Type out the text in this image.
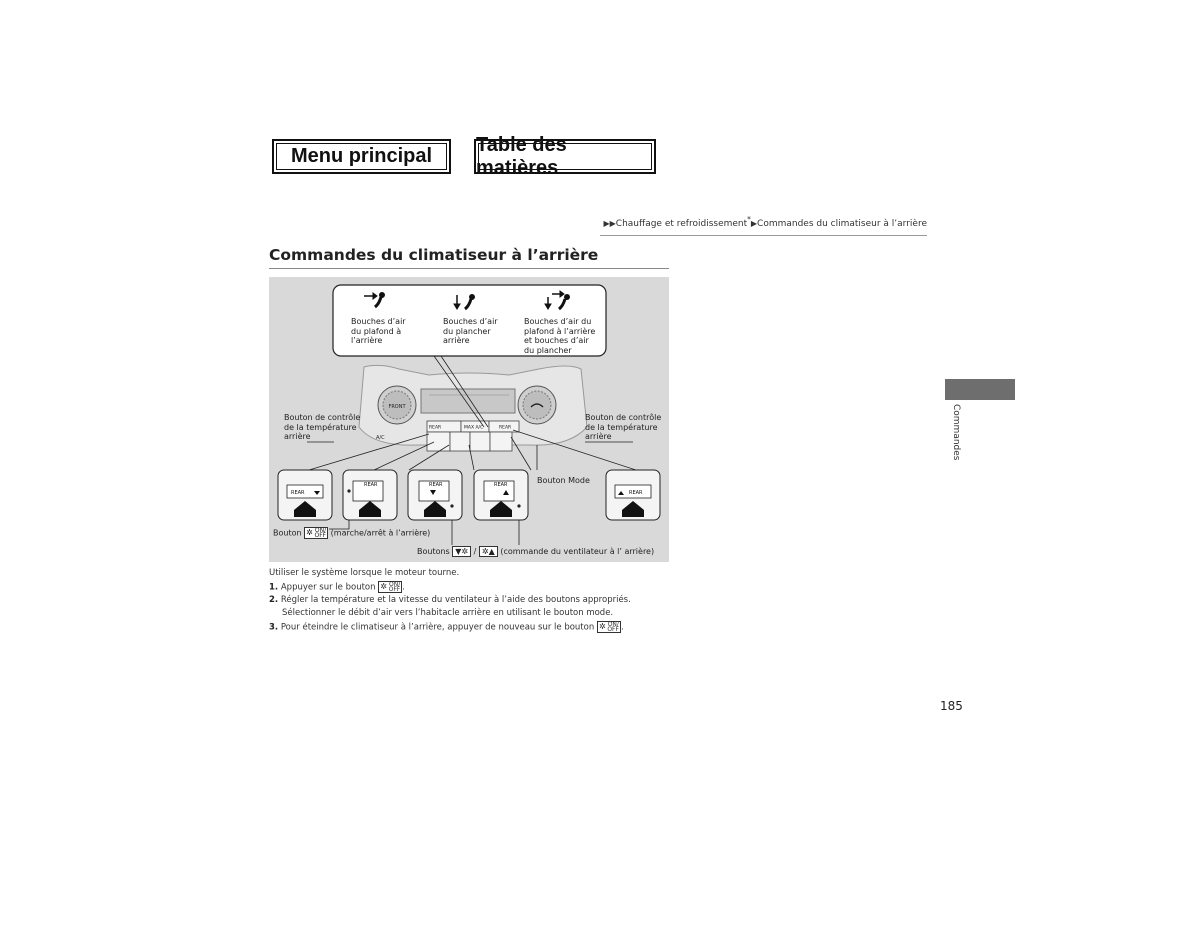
Menu principal
Table des matières
▶▶Chauffage et refroidissement*▶Commandes du climatiseur à l’arrière
Commandes du climatiseur à l’arrière
FRONT
REAR	MAX A/C	REAR
A/C
REAR
REAR	REAR	REAR
REAR
Bouches d’air
du plafond à
l’arrière
Bouches d’air
du plancher
arrière
Bouches d’air du
plafond à l’arrière
et bouches d’air
du plancher
Bouton de contrôle
de la température
arrière
Bouton de contrôle
de la température
arrière
Bouton Mode
Bouton ✲ ON/
OFF (marche/arrêt à l’arrière)
Boutons ▼✲ / ✲▲ (commande du ventilateur à l’ arrière)
Utiliser le système lorsque le moteur tourne.
1. Appuyer sur le bouton ✲ ON/
OFF .
2. Régler la température et la vitesse du ventilateur à l’aide des boutons appropriés.
Sélectionner le débit d’air vers l’habitacle arrière en utilisant le bouton mode.
3. Pour éteindre le climatiseur à l’arrière, appuyer de nouveau sur le bouton ✲ ON/
OFF .
Commandes
185
